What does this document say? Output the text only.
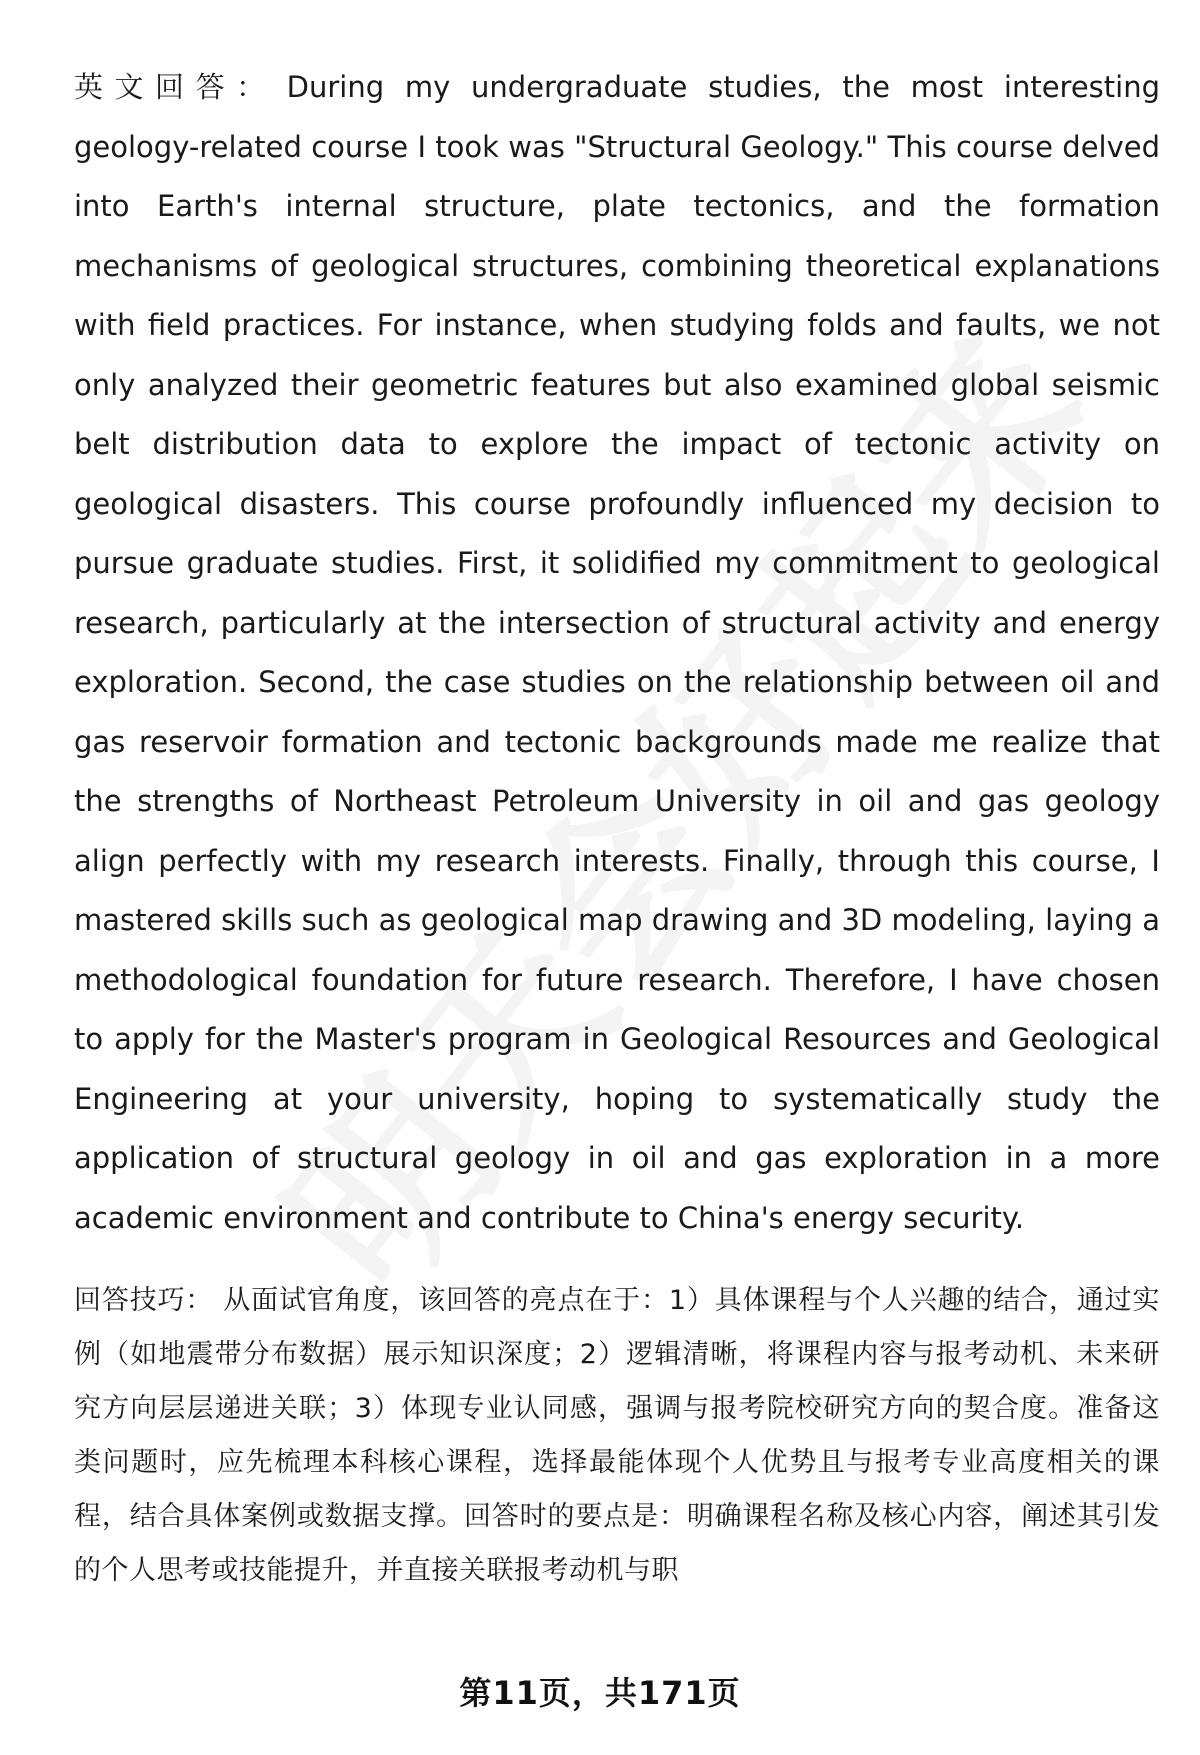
英文回答： During my undergraduate studies, the most interesting geology-related course I took was "Structural Geology." This course delved into Earth's internal structure, plate tectonics, and the formation mechanisms of geological structures, combining theoretical explanations with field practices. For instance, when studying folds and faults, we not only analyzed their geometric features but also examined global seismic belt distribution data to explore the impact of tectonic activity on geological disasters. This course profoundly influenced my decision to pursue graduate studies. First, it solidified my commitment to geological research, particularly at the intersection of structural activity and energy exploration. Second, the case studies on the relationship between oil and gas reservoir formation and tectonic backgrounds made me realize that the strengths of Northeast Petroleum University in oil and gas geology align perfectly with my research interests. Finally, through this course, I mastered skills such as geological map drawing and 3D modeling, laying a methodological foundation for future research. Therefore, I have chosen to apply for the Master's program in Geological Resources and Geological Engineering at your university, hoping to systematically study the application of structural geology in oil and gas exploration in a more academic environment and contribute to China's energy security.

回答技巧： 从面试官角度，该回答的亮点在于：1）具体课程与个人兴趣的结合，通过实例（如地震带分布数据）展示知识深度；2）逻辑清晰，将课程内容与报考动机、未来研究方向层层递进关联；3）体现专业认同感，强调与报考院校研究方向的契合度。准备这类问题时，应先梳理本科核心课程，选择最能体现个人优势且与报考专业高度相关的课程，结合具体案例或数据支撑。回答时的要点是：明确课程名称及核心内容，阐述其引发的个人思考或技能提升，并直接关联报考动机与职

第11页，共171页
